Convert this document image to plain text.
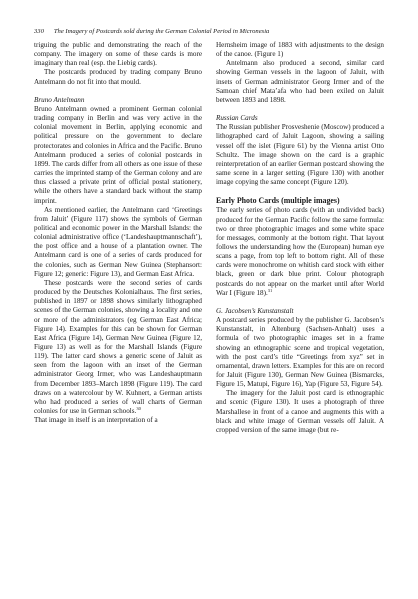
330 The Imagery of Postcards sold during the German Colonial Period in Micronesia

triguing the public and demonstrating the reach of the company. The imagery on some of these cards is more imaginary than real (esp. the Liebig cards).

The postcards produced by trading company Bruno Antelmann do not fit into that mould.

Bruno Antelmann

Bruno Antelmann owned a prominent German colonial trading company in Berlin and was very active in the colonial movement in Berlin, applying economic and political pressure on the government to declare protectorates and colonies in Africa and the Pacific. Bruno Antelmann produced a series of colonial postcards in 1899. The cards differ from all others as one issue of these carries the imprinted stamp of the German colony and are thus classed a private print of official postal stationery, while the others have a standard back without the stamp imprint.

As mentioned earlier, the Antelmann card ‘Greetings from Jaluit’ (Figure 117) shows the symbols of German political and economic power in the Marshall Islands: the colonial administrative office (‘Landeshauptmannschaft’), the post office and a house of a plantation owner. The Antelmann card is one of a series of cards produced for the colonies, such as German New Guinea (Stephansort: Figure 12; generic: Figure 13), and German East Africa.

These postcards were the second series of cards produced by the Deutsches Kolonialhaus. The first series, published in 1897 or 1898 shows similarly lithographed scenes of the German colonies, showing a locality and one or more of the administrators (eg German East Africa; Figure 14). Examples for this can be shown for German East Africa (Figure 14), German New Guinea (Figure 12, Figure 13) as well as for the Marshall Islands (Figure 119). The latter card shows a generic scene of Jaluit as seen from the lagoon with an inset of the German administrator Georg Irmer, who was Landeshauptmann from December 1893–March 1898 (Figure 119). The card draws on a watercolour by W. Kuhnert, a German artists who had produced a series of wall charts of German colonies for use in German schools.$^{30}$

That image in itself is an interpretation of a

Hernsheim image of 1883 with adjustments to the design of the canoe. (Figure 1)

Antelmann also produced a second, similar card showing German vessels in the lagoon of Jaluit, with insets of German administrator Georg Irmer and of the Samoan chief Mata’afa who had been exiled on Jaluit between 1893 and 1898.

Russian Cards

The Russian publisher Prosveshenie (Moscow) produced a lithographed card of Jaluit Lagoon, showing a sailing vessel off the islet (Figure 61) by the Vienna artist Otto Schultz. The image shown on the card is a graphic reinterpretation of an earlier German postcard showing the same scene in a larger setting (Figure 130) with another image copying the same concept (Figure 120).

Early Photo Cards (multiple images)

The early series of photo cards (with an undivided back) produced for the German Pacific follow the same formula: two or three photographic images and some white space for messages, commonly at the bottom right. That layout follows the understanding how the (European) human eye scans a page, from top left to bottom right. All of these cards were monochrome on whitish card stock with either black, green or dark blue print. Colour photograph postcards do not appear on the market until after World War I (Figure 18).$^{31}$

G. Jacobsen’s Kunstanstalt

A postcard series produced by the publisher G. Jacobsen’s Kunstanstalt, in Altenburg (Sachsen-Anhalt) uses a formula of two photographic images set in a frame showing an ethnographic scene and tropical vegetation, with the post card’s title “Greetings from xyz” set in ornamental, drawn letters. Examples for this are on record for Jaluit (Figure 130), German New Guinea (Bismarcks, Figure 15, Matupi, Figure 16), Yap (Figure 53, Figure 54).

The imagery for the Jaluit post card is ethnographic and scenic (Figure 130). It uses a photograph of three Marshallese in front of a canoe and augments this with a black and white image of German vessels off Jaluit. A cropped version of the same image (but re-
